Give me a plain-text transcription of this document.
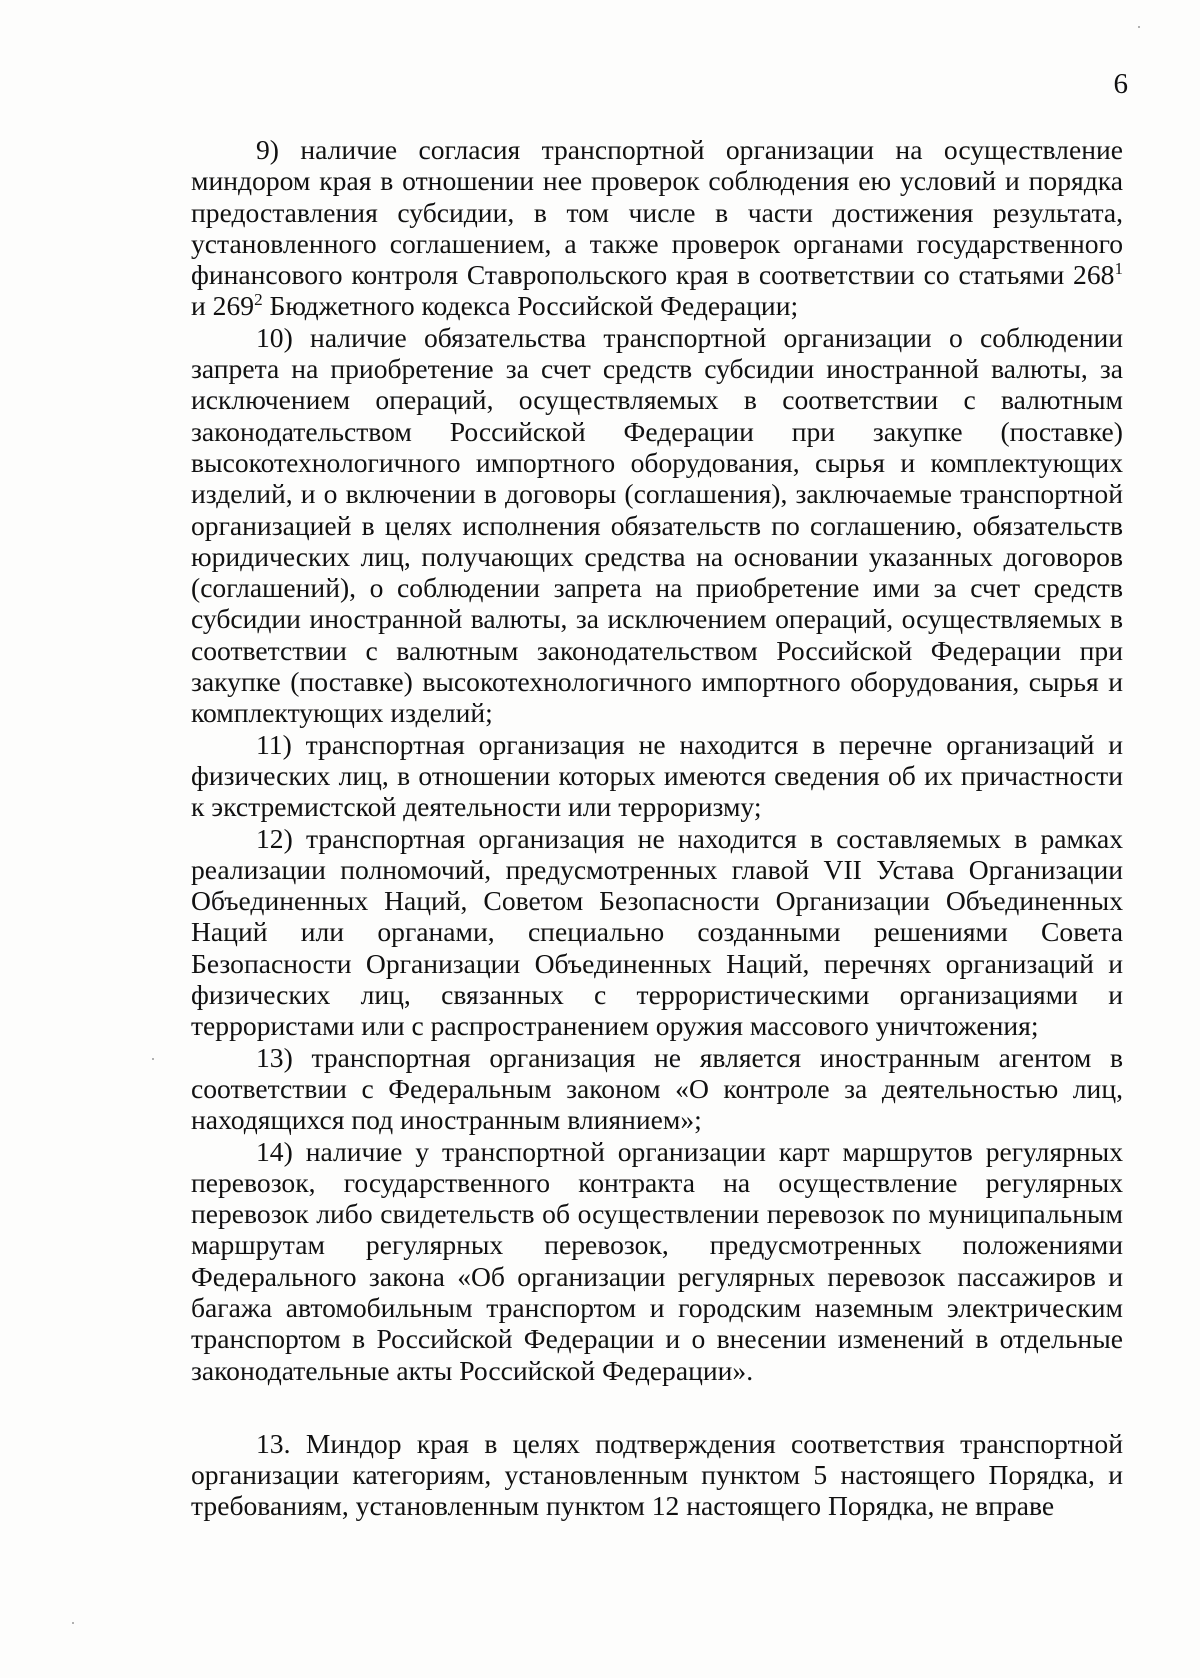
6

9) наличие согласия транспортной организации на осуществление миндором края в отношении нее проверок соблюдения ею условий и порядка предоставления субсидии, в том числе в части достижения результата, установленного соглашением, а также проверок органами государственного финансового контроля Ставропольского края в соответствии со статьями $268^1$ и $269^2$ Бюджетного кодекса Российской Федерации;

10) наличие обязательства транспортной организации о соблюдении запрета на приобретение за счет средств субсидии иностранной валюты, за исключением операций, осуществляемых в соответствии с валютным законодательством Российской Федерации при закупке (поставке) высокотехнологичного импортного оборудования, сырья и комплектующих изделий, и о включении в договоры (соглашения), заключаемые транспортной организацией в целях исполнения обязательств по соглашению, обязательств юридических лиц, получающих средства на основании указанных договоров (соглашений), о соблюдении запрета на приобретение ими за счет средств субсидии иностранной валюты, за исключением операций, осуществляемых в соответствии с валютным законодательством Российской Федерации при закупке (поставке) высокотехнологичного импортного оборудования, сырья и комплектующих изделий;

11) транспортная организация не находится в перечне организаций и физических лиц, в отношении которых имеются сведения об их причастности к экстремистской деятельности или терроризму;

12) транспортная организация не находится в составляемых в рамках реализации полномочий, предусмотренных главой VII Устава Организации Объединенных Наций, Советом Безопасности Организации Объединенных Наций или органами, специально созданными решениями Совета Безопасности Организации Объединенных Наций, перечнях организаций и физических лиц, связанных с террористическими организациями и террористами или с распространением оружия массового уничтожения;

13) транспортная организация не является иностранным агентом в соответствии с Федеральным законом «О контроле за деятельностью лиц, находящихся под иностранным влиянием»;

14) наличие у транспортной организации карт маршрутов регулярных перевозок, государственного контракта на осуществление регулярных перевозок либо свидетельств об осуществлении перевозок по муниципальным маршрутам регулярных перевозок, предусмотренных положениями Федерального закона «Об организации регулярных перевозок пассажиров и багажа автомобильным транспортом и городским наземным электрическим транспортом в Российской Федерации и о внесении изменений в отдельные законодательные акты Российской Федерации».

13. Миндор края в целях подтверждения соответствия транспортной организации категориям, установленным пунктом 5 настоящего Порядка, и требованиям, установленным пунктом 12 настоящего Порядка, не вправе
